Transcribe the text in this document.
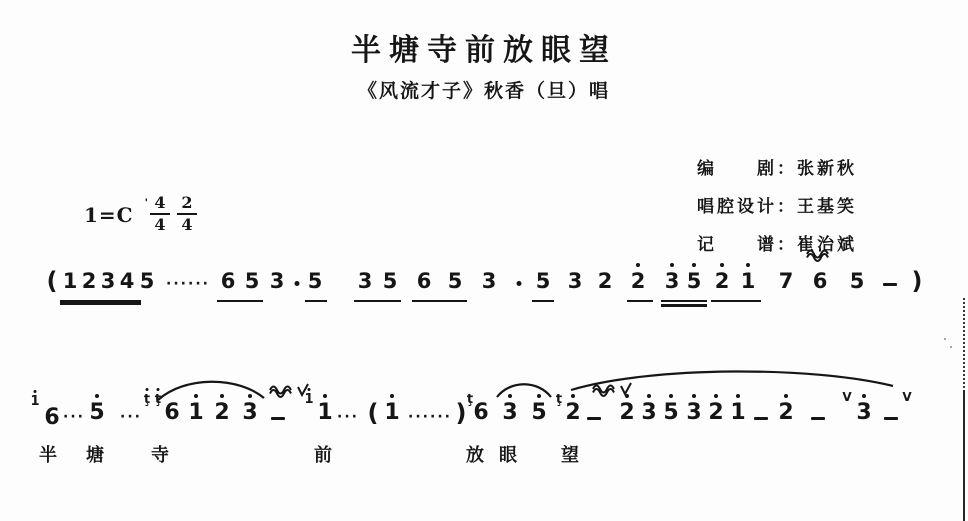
半塘寺前放眼望
《风流才子》秋香（旦）唱
编　　剧：张新秋
唱腔设计：王基笑
记　　谱：崔治斌
1=C ' 4
4
2
4
( 1 2 3 4 5 ······ 6 5 3 5 3 5 6 5 3 5 3 2 2 3 5 2 1 7 6 5 )
1
6 ··· 5 ···
ţ ţ
6 1 2 3
1
1 ··· ( 1 ······ ) ţ
6 3 5
ţ
2 2 3 5 3 2 1 2
V
3
V
半 塘	寺	前	放 眼 望
